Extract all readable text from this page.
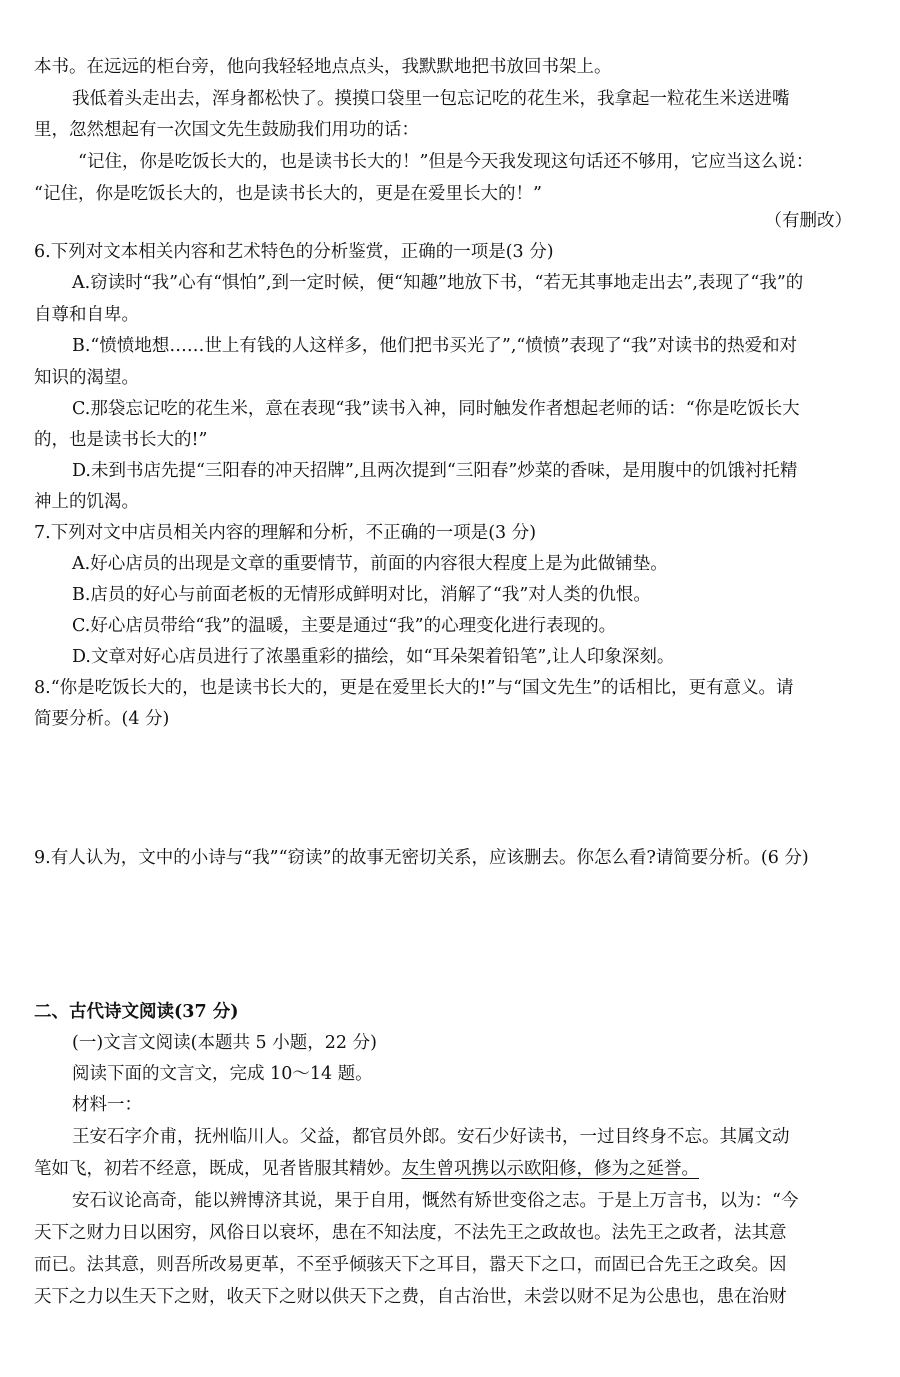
本书。在远远的柜台旁，他向我轻轻地点点头，我默默地把书放回书架上。
我低着头走出去，浑身都松快了。摸摸口袋里一包忘记吃的花生米，我拿起一粒花生米送进嘴
里，忽然想起有一次国文先生鼓励我们用功的话：
“记住，你是吃饭长大的，也是读书长大的！”但是今天我发现这句话还不够用，它应当这么说：
“记住，你是吃饭长大的，也是读书长大的，更是在爱里长大的！”
（有删改）
6.下列对文本相关内容和艺术特色的分析鉴赏，正确的一项是(3 分)
A.窃读时“我”心有“惧怕”,到一定时候，便“知趣”地放下书，“若无其事地走出去”,表现了“我”的
自尊和自卑。
B.“愤愤地想……世上有钱的人这样多，他们把书买光了”,“愤愤”表现了“我”对读书的热爱和对
知识的渴望。
C.那袋忘记吃的花生米，意在表现“我”读书入神，同时触发作者想起老师的话：“你是吃饭长大
的，也是读书长大的!”
D.未到书店先提“三阳春的冲天招牌”,且两次提到“三阳春”炒菜的香味，是用腹中的饥饿衬托精
神上的饥渴。
7.下列对文中店员相关内容的理解和分析，不正确的一项是(3 分)
A.好心店员的出现是文章的重要情节，前面的内容很大程度上是为此做铺垫。
B.店员的好心与前面老板的无情形成鲜明对比，消解了“我”对人类的仇恨。
C.好心店员带给“我”的温暖，主要是通过“我”的心理变化进行表现的。
D.文章对好心店员进行了浓墨重彩的描绘，如“耳朵架着铅笔”,让人印象深刻。
8.“你是吃饭长大的，也是读书长大的，更是在爱里长大的!”与“国文先生”的话相比，更有意义。请
简要分析。(4 分)
9.有人认为，文中的小诗与“我”“窃读”的故事无密切关系，应该删去。你怎么看?请简要分析。(6 分)
二、古代诗文阅读(37 分)
(一)文言文阅读(本题共 5 小题，22 分)
阅读下面的文言文，完成 10～14 题。
材料一：
王安石字介甫，抚州临川人。父益，都官员外郎。安石少好读书，一过目终身不忘。其属文动
笔如飞，初若不经意，既成，见者皆服其精妙。友生曾巩携以示欧阳修，修为之延誉。
安石议论高奇，能以辨博济其说，果于自用，慨然有矫世变俗之志。于是上万言书，以为：“今
天下之财力日以困穷，风俗日以衰坏，患在不知法度，不法先王之政故也。法先王之政者，法其意
而已。法其意，则吾所改易更革，不至乎倾骇天下之耳目，嚣天下之口，而固已合先王之政矣。因
天下之力以生天下之财，收天下之财以供天下之费，自古治世，未尝以财不足为公患也，患在治财
